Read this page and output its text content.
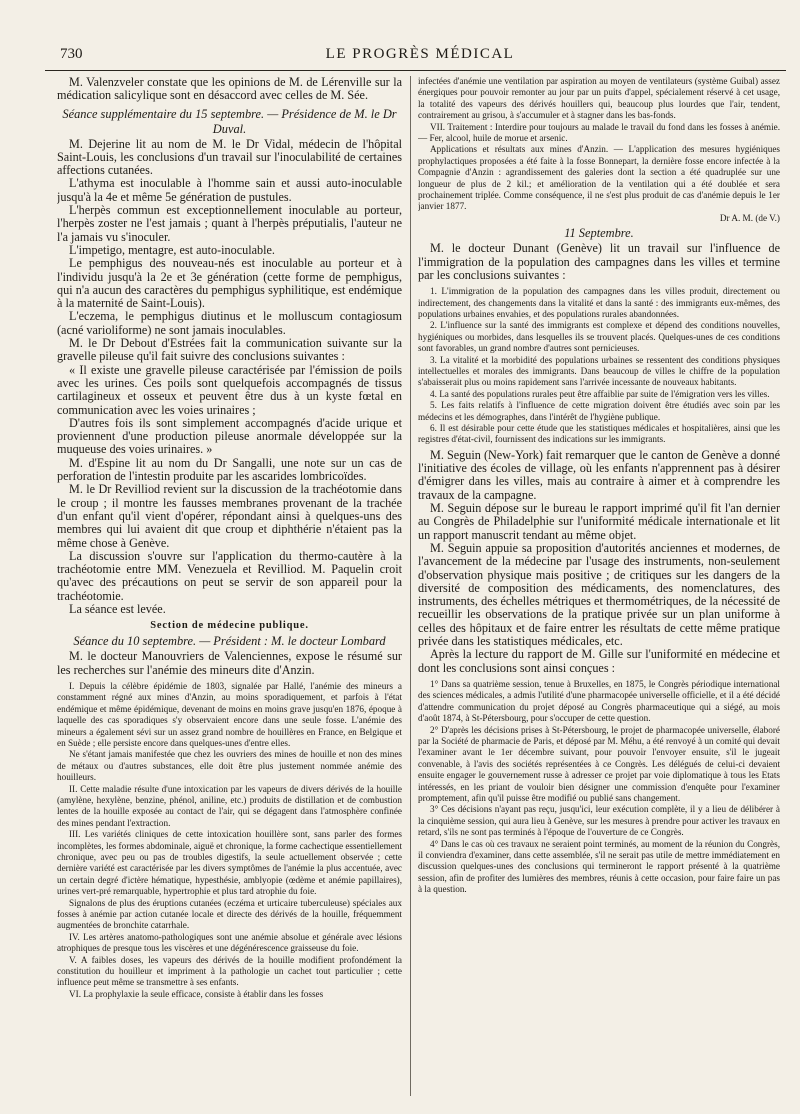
730	LE PROGRÈS MÉDICAL

M. Valenzveler constate que les opinions de M. de Lérenville sur la médication salicylique sont en désaccord avec celles de M. Sée.

Séance supplémentaire du 15 septembre. — Présidence de M. le Dr Duval.

M. Dejerine lit au nom de M. le Dr Vidal, médecin de l'hôpital Saint-Louis, les conclusions d'un travail sur l'inoculabilité de certaines affections cutanées.

L'athyma est inoculable à l'homme sain et aussi auto-inoculable jusqu'à la 4e et même 5e génération de pustules.

L'herpès commun est exceptionnellement inoculable au porteur, l'herpès zoster ne l'est jamais ; quant à l'herpès préputialis, l'auteur ne l'a jamais vu s'inoculer.

L'impetigo, mentagre, est auto-inoculable.

Le pemphigus des nouveau-nés est inoculable au porteur et à l'individu jusqu'à la 2e et 3e génération (cette forme de pemphigus, qui n'a aucun des caractères du pemphigus syphilitique, est endémique à la maternité de Saint-Louis).

L'eczema, le pemphigus diutinus et le molluscum contagiosum (acné varioliforme) ne sont jamais inoculables.

M. le Dr Debout d'Estrées fait la communication suivante sur la gravelle pileuse qu'il fait suivre des conclusions suivantes :

« Il existe une gravelle pileuse caractérisée par l'émission de poils avec les urines. Ces poils sont quelquefois accompagnés de tissus cartilagineux et osseux et peuvent être dus à un kyste fœtal en communication avec les voies urinaires ;

D'autres fois ils sont simplement accompagnés d'acide urique et proviennent d'une production pileuse anormale développée sur la muqueuse des voies urinaires. »

M. d'Espine lit au nom du Dr Sangalli, une note sur un cas de perforation de l'intestin produite par les ascarides lombricoïdes.

M. le Dr Revilliod revient sur la discussion de la trachéotomie dans le croup ; il montre les fausses membranes provenant de la trachée d'un enfant qu'il vient d'opérer, répondant ainsi à quelques-uns des membres qui lui avaient dit que croup et diphthérie n'étaient pas la même chose à Genève.

La discussion s'ouvre sur l'application du thermo-cautère à la trachéotomie entre MM. Venezuela et Revilliod. M. Paquelin croit qu'avec des précautions on peut se servir de son appareil pour la trachéotomie.

La séance est levée.

Section de médecine publique.

Séance du 10 septembre. — Président : M. le docteur Lombard

M. le docteur Manouvriers de Valenciennes, expose le résumé sur les recherches sur l'anémie des mineurs dite d'Anzin.

I. Depuis la célèbre épidémie de 1803, signalée par Hallé, l'anémie des mineurs a constamment régné aux mines d'Anzin, au moins sporadiquement, et parfois à l'état endémique et même épidémique, devenant de moins en moins grave jusqu'en 1876, époque à laquelle des cas sporadiques s'y observaient encore dans une seule fosse. L'anémie des mineurs a également sévi sur un assez grand nombre de houillères en France, en Belgique et en Suède ; elle persiste encore dans quelques-unes d'entre elles.

Ne s'étant jamais manifestée que chez les ouvriers des mines de houille et non des mines de métaux ou d'autres substances, elle doit être plus justement nommée anémie des houilleurs.

II. Cette maladie résulte d'une intoxication par les vapeurs de divers dérivés de la houille (amylène, hexylène, benzine, phénol, aniline, etc.) produits de distillation et de combustion lentes de la houille exposée au contact de l'air, qui se dégagent dans l'atmosphère confinée des mines pendant l'extraction.

III. Les variétés cliniques de cette intoxication houillère sont, sans parler des formes incomplètes, les formes abdominale, aiguë et chronique, la forme cachectique essentiellement chronique, avec peu ou pas de troubles digestifs, la seule actuellement observée ; cette dernière variété est caractérisée par les divers symptômes de l'anémie la plus accentuée, avec un certain degré d'ictère hématique, hypesthésie, amblyopie (œdème et anémie papillaires), urines vert-pré remarquable, hypertrophie et plus tard atrophie du foie.

Signalons de plus des éruptions cutanées (eczéma et urticaire tuberculeuse) spéciales aux fosses à anémie par action cutanée locale et directe des dérivés de la houille, fréquemment augmentées de bronchite catarrhale.

IV. Les artères anatomo-pathologiques sont une anémie absolue et générale avec lésions atrophiques de presque tous les viscères et une dégénérescence graisseuse du foie.

V. A faibles doses, les vapeurs des dérivés de la houille modifient profondément la constitution du houilleur et impriment à la pathologie un cachet tout particulier ; cette influence peut même se transmettre à ses enfants.

VI. La prophylaxie la seule efficace, consiste à établir dans les fosses

infectées d'anémie une ventilation par aspiration au moyen de ventilateurs (système Guibal) assez énergiques pour pouvoir remonter au jour par un puits d'appel, spécialement réservé à cet usage, la totalité des vapeurs des dérivés houillers qui, beaucoup plus lourdes que l'air, tendent, contrairement au grisou, à s'accumuler et à stagner dans les bas-fonds.

VII. Traitement : Interdire pour toujours au malade le travail du fond dans les fosses à anémie. — Fer, alcool, huile de morue et arsenic.

Applications et résultats aux mines d'Anzin. — L'application des mesures hygiéniques prophylactiques proposées a été faite à la fosse Bonnepart, la dernière fosse encore infectée à la Compagnie d'Anzin : agrandissement des galeries dont la section a été quadruplée sur une longueur de plus de 2 kil.; et amélioration de la ventilation qui a été doublée et sera prochainement triplée. Comme conséquence, il ne s'est plus produit de cas d'anémie depuis le 1er janvier 1877.

Dr A. M. (de V.)

11 Septembre.

M. le docteur Dunant (Genève) lit un travail sur l'influence de l'immigration de la population des campagnes dans les villes et termine par les conclusions suivantes :

1. L'immigration de la population des campagnes dans les villes produit, directement ou indirectement, des changements dans la vitalité et dans la santé : des immigrants eux-mêmes, des populations urbaines envahies, et des populations rurales abandonnées.

2. L'influence sur la santé des immigrants est complexe et dépend des conditions nouvelles, hygiéniques ou morbides, dans lesquelles ils se trouvent placés. Quelques-unes de ces conditions sont favorables, un grand nombre d'autres sont pernicieuses.

3. La vitalité et la morbidité des populations urbaines se ressentent des conditions physiques intellectuelles et morales des immigrants. Dans beaucoup de villes le chiffre de la population s'abaisserait plus ou moins rapidement sans l'arrivée incessante de nouveaux habitants.

4. La santé des populations rurales peut être affaiblie par suite de l'émigration vers les villes.

5. Les faits relatifs à l'influence de cette migration doivent être étudiés avec soin par les médecins et les démographes, dans l'intérêt de l'hygiène publique.

6. Il est désirable pour cette étude que les statistiques médicales et hospitalières, ainsi que les registres d'état-civil, fournissent des indications sur les immigrants.

M. Seguin (New-York) fait remarquer que le canton de Genève a donné l'initiative des écoles de village, où les enfants n'apprennent pas à désirer d'émigrer dans les villes, mais au contraire à aimer et à comprendre les travaux de la campagne.

M. Seguin dépose sur le bureau le rapport imprimé qu'il fit l'an dernier au Congrès de Philadelphie sur l'uniformité médicale internationale et lit un rapport manuscrit tendant au même objet.

M. Seguin appuie sa proposition d'autorités anciennes et modernes, de l'avancement de la médecine par l'usage des instruments, non-seulement d'observation physique mais positive ; de critiques sur les dangers de la diversité de composition des médicaments, des nomenclatures, des instruments, des échelles métriques et thermométriques, de la nécessité de recueillir les observations de la pratique privée sur un plan uniforme à celles des hôpitaux et de faire entrer les résultats de cette même pratique privée dans les statistiques médicales, etc.

Après la lecture du rapport de M. Gille sur l'uniformité en médecine et dont les conclusions sont ainsi conçues :

1° Dans sa quatrième session, tenue à Bruxelles, en 1875, le Congrès périodique international des sciences médicales, a admis l'utilité d'une pharmacopée universelle officielle, et il a été décidé d'attendre communication du projet déposé au Congrès pharmaceutique qui a siégé, au mois d'août 1874, à St-Pétersbourg, pour s'occuper de cette question.

2° D'après les décisions prises à St-Pétersbourg, le projet de pharmacopée universelle, élaboré par la Société de pharmacie de Paris, et déposé par M. Méhu, a été renvoyé à un comité qui devait l'examiner avant le 1er décembre suivant, pour pouvoir l'envoyer ensuite, s'il le jugeait convenable, à l'avis des sociétés représentées à ce Congrès. Les délégués de celui-ci devaient ensuite engager le gouvernement russe à adresser ce projet par voie diplomatique à tous les Etats intéressés, en les priant de vouloir bien désigner une commission d'enquête pour l'examiner promptement, afin qu'il puisse être modifié ou publié sans changement.

3° Ces décisions n'ayant pas reçu, jusqu'ici, leur exécution complète, il y a lieu de délibérer à la cinquième session, qui aura lieu à Genève, sur les mesures à prendre pour activer les travaux en retard, s'ils ne sont pas terminés à l'époque de l'ouverture de ce Congrès.

4° Dans le cas où ces travaux ne seraient point terminés, au moment de la réunion du Congrès, il conviendra d'examiner, dans cette assemblée, s'il ne serait pas utile de mettre immédiatement en discussion quelques-unes des conclusions qui termineront le rapport présenté à la quatrième session, afin de profiter des lumières des membres, réunis à cette occasion, pour faire faire un pas à la question.
